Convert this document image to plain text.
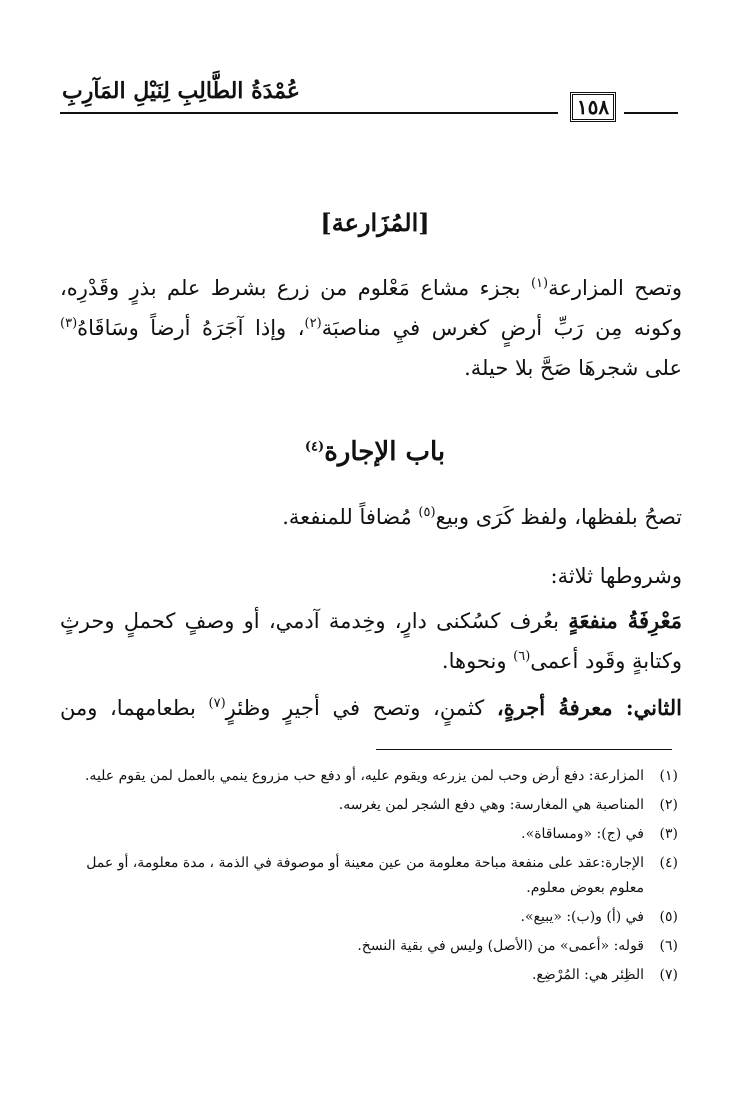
عُمْدَةُ الطَّالِبِ لِنَيْلِ المَآرِبِ
١٥٨
[المُزَارعة]

وتصح المزارعة$^{(١)}$ بجزء مشاع مَعْلوم من زرع بشرط علم بذرٍ وقَدْرِه،

وكونه مِن رَبِّ أرضٍ كغرس فيِ مناصبَة$^{(٢)}$، وإذا آجَرَهُ أرضاً وسَاقَاهُ$^{(٣)}$

على شجرهَا صَحَّ بلا حيلة.

باب الإجارة$^{(٤)}$

تصحُ بلفظها، ولفظ كَرَى وبيع$^{(٥)}$ مُضافاً للمنفعة.

وشروطها ثلاثة:

مَعْرِفَةُ منفعَةٍ بعُرف كسُكنى دارٍ، وخِدمة آدمي، أو وصفٍ كحملٍ وحرثٍ

وكتابةٍ وقَود أعمى$^{(٦)}$ ونحوها.

الثاني: معرفةُ أجرةٍ، كثمنٍ، وتصح في أجيرٍ وظئرٍ$^{(٧)}$ بطعامهما، ومن

(١)
المزارعة: دفع أرض وحب لمن يزرعه ويقوم عليه، أو دفع حب مزروع ينمي بالعمل لمن يقوم عليه.
(٢)
المناصبة هي المغارسة: وهي دفع الشجر لمن يغرسه.
(٣)
في (ج): «ومساقاة».
(٤)
الإجارة:عقد على منفعة مباحة معلومة من عين معينة أو موصوفة في الذمة ، مدة معلومة، أو عمل معلوم بعوض معلوم.
(٥)
في (أ) و(ب): «يبيع».
(٦)
قوله: «أعمى» من (الأصل) وليس في بقية النسخ.
(٧)
الظِئر هي: المُرْضِع.
